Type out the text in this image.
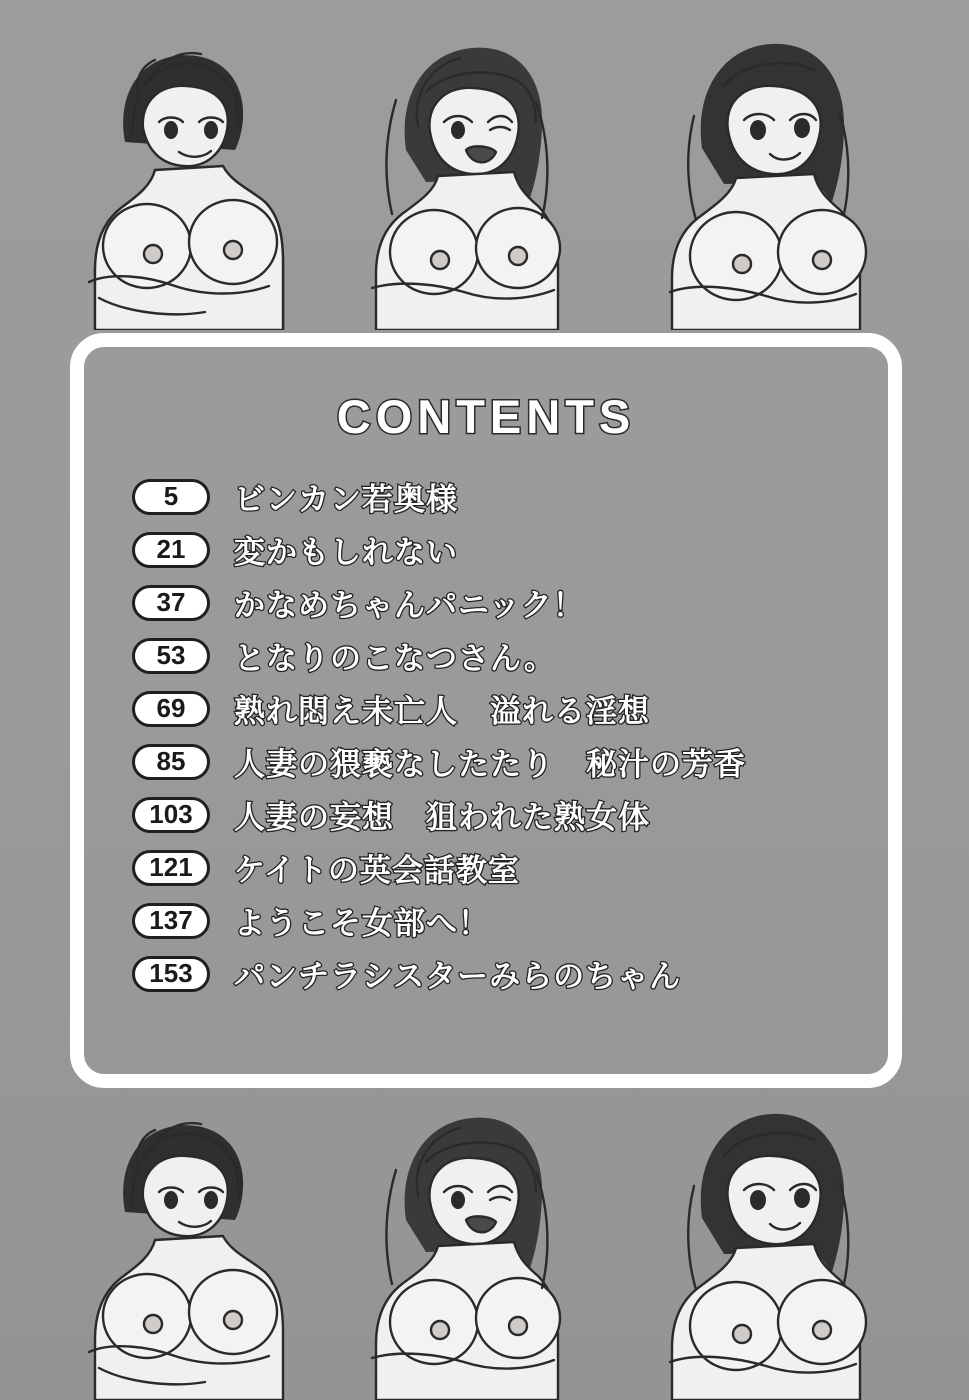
CONTENTS
5	ビンカン若奥様
21	変かもしれない
37	かなめちゃんパニック！
53	となりのこなつさん。
69	熟れ悶え未亡人　溢れる淫想
85	人妻の猥褻なしたたり　秘汁の芳香
103	人妻の妄想　狙われた熟女体
121	ケイトの英会話教室
137	ようこそ女部へ！
153	パンチラシスターみらのちゃん
